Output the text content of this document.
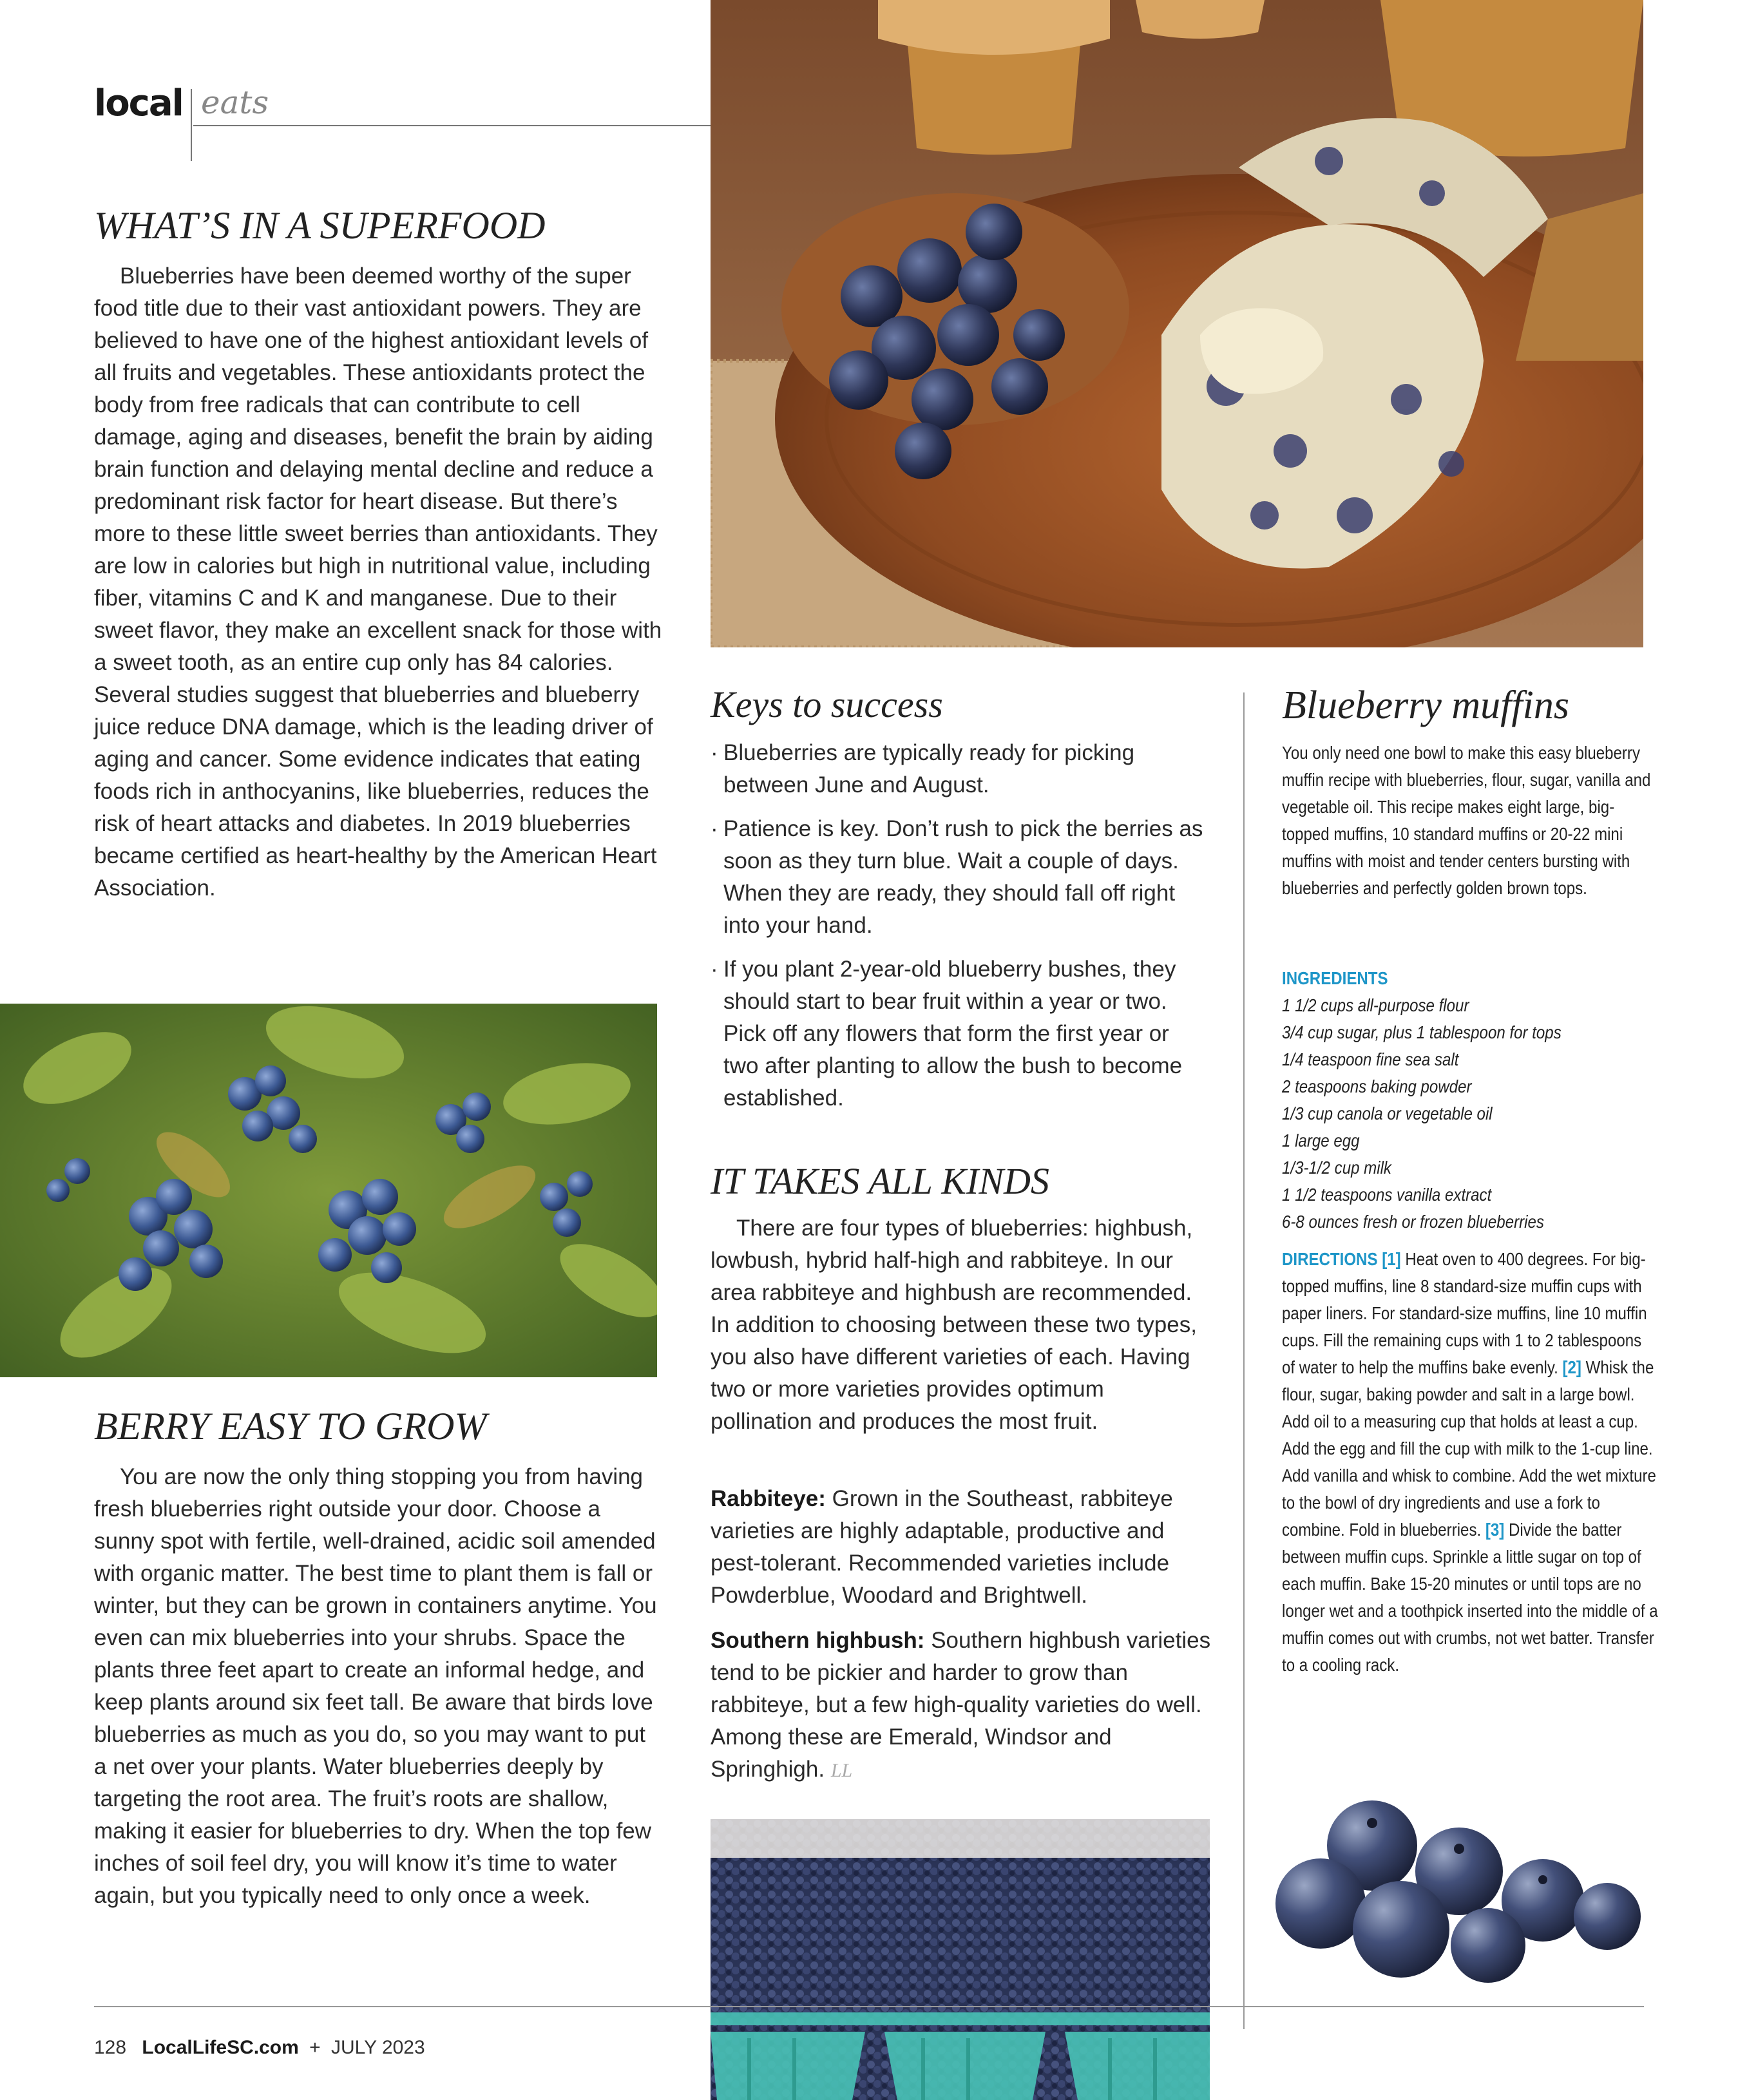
local eats
WHAT’S IN A SUPERFOOD
Blueberries have been deemed worthy of the super food title due to their vast antioxidant powers. They are believed to have one of the highest antioxidant levels of all fruits and vegetables. These antioxidants protect the body from free radicals that can contribute to cell damage, aging and diseases, benefit the brain by aiding brain function and delaying mental decline and reduce a predominant risk factor for heart disease. But there’s more to these little sweet berries than antioxidants. They are low in calories but high in nutritional value, including fiber, vitamins C and K and manganese. Due to their sweet flavor, they make an excellent snack for those with a sweet tooth, as an entire cup only has 84 calories. Several studies suggest that blueberries and blueberry juice reduce DNA damage, which is the leading driver of aging and cancer. Some evidence indicates that eating foods rich in anthocyanins, like blueberries, reduces the risk of heart attacks and diabetes. In 2019 blueberries became certified as heart-healthy by the American Heart Association.
BERRY EASY TO GROW
You are now the only thing stopping you from having fresh blueberries right outside your door. Choose a sunny spot with fertile, well-drained, acidic soil amended with organic matter. The best time to plant them is fall or winter, but they can be grown in containers anytime. You even can mix blueberries into your shrubs. Space the plants three feet apart to create an informal hedge, and keep plants around six feet tall. Be aware that birds love blueberries as much as you do, so you may want to put a net over your plants. Water blueberries deeply by targeting the root area. The fruit’s roots are shallow, making it easier for blueberries to dry. When the top few inches of soil feel dry, you will know it’s time to water again, but you typically need to only once a week.
Keys to success
· Blueberries are typically ready for picking between June and August.
· Patience is key. Don’t rush to pick the berries as soon as they turn blue. Wait a couple of days. When they are ready, they should fall off right into your hand.
· If you plant 2-year-old blueberry bushes, they should start to bear fruit within a year or two. Pick off any flowers that form the first year or two after planting to allow the bush to become established.
IT TAKES ALL KINDS
There are four types of blueberries: highbush, lowbush, hybrid half-high and rabbiteye. In our area rabbiteye and highbush are recommended. In addition to choosing between these two types, you also have different varieties of each. Having two or more varieties provides optimum pollination and produces the most fruit.
Rabbiteye: Grown in the Southeast, rabbiteye varieties are highly adaptable, productive and pest-tolerant. Recommended varieties include Powderblue, Woodard and Brightwell.
Southern highbush: Southern highbush varieties tend to be pickier and harder to grow than rabbiteye, but a few high-quality varieties do well. Among these are Emerald, Windsor and Springhigh. LL
Blueberry muffins
You only need one bowl to make this easy blueberry muffin recipe with blueberries, flour, sugar, vanilla and vegetable oil. This recipe makes eight large, big-topped muffins, 10 standard muffins or 20-22 mini muffins with moist and tender centers bursting with blueberries and perfectly golden brown tops.
INGREDIENTS
1 1/2 cups all-purpose flour
3/4 cup sugar, plus 1 tablespoon for tops
1/4 teaspoon fine sea salt
2 teaspoons baking powder
1/3 cup canola or vegetable oil
1 large egg
1/3-1/2 cup milk
1 1/2 teaspoons vanilla extract
6-8 ounces fresh or frozen blueberries
DIRECTIONS [1] Heat oven to 400 degrees. For big-topped muffins, line 8 standard-size muffin cups with paper liners. For standard-size muffins, line 10 muffin cups. Fill the remaining cups with 1 to 2 tablespoons of water to help the muffins bake evenly. [2] Whisk the flour, sugar, baking powder and salt in a large bowl. Add oil to a measuring cup that holds at least a cup. Add the egg and fill the cup with milk to the 1-cup line. Add vanilla and whisk to combine. Add the wet mixture to the bowl of dry ingredients and use a fork to combine. Fold in blueberries. [3] Divide the batter between muffin cups. Sprinkle a little sugar on top of each muffin. Bake 15-20 minutes or until tops are no longer wet and a toothpick inserted into the middle of a muffin comes out with crumbs, not wet batter. Transfer to a cooling rack.
128 LocalLifeSC.com + JULY 2023
